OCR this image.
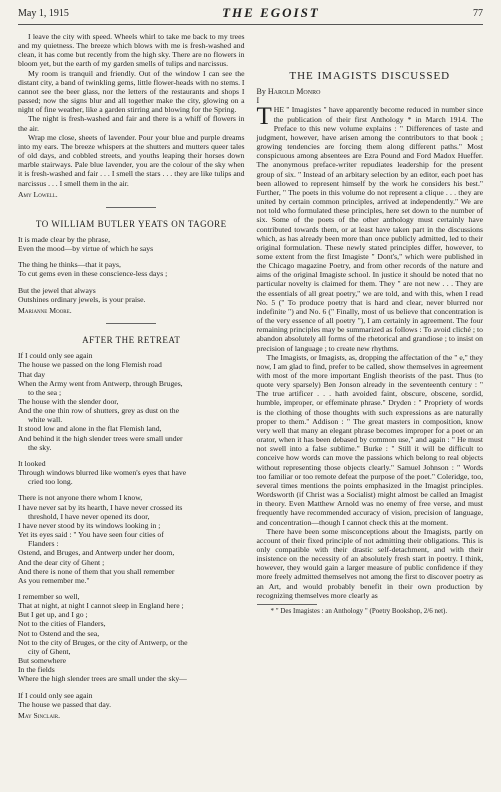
May 1, 1915	THE EGOIST	77

I leave the city with speed. Wheels whirl to take me back to my trees and my quietness. The breeze which blows with me is fresh-washed and clean, it has come but recently from the high sky. There are no flowers in bloom yet, but the earth of my garden smells of tulips and narcissus.

My room is tranquil and friendly. Out of the window I can see the distant city, a band of twinkling gems, little flower-heads with no stems. I cannot see the beer glass, nor the letters of the restaurants and shops I passed; now the signs blur and all together make the city, glowing on a night of fine weather, like a garden stirring and blowing for the Spring.

The night is fresh-washed and fair and there is a whiff of flowers in the air.

Wrap me close, sheets of lavender. Pour your blue and purple dreams into my ears. The breeze whispers at the shutters and mutters queer tales of old days, and cobbled streets, and youths leaping their horses down marble stairways. Pale blue lavender, you are the colour of the sky when it is fresh-washed and fair . . . I smell the stars . . . they are like tulips and narcissus . . . I smell them in the air.

Amy Lowell.

TO WILLIAM BUTLER YEATS ON TAGORE

It is made clear by the phrase,

Even the mood—by virtue of which he says

The thing he thinks—that it pays,

To cut gems even in these conscience-less days ;

But the jewel that always

Outshines ordinary jewels, is your praise.

Marianne Moore.

AFTER THE RETREAT

If I could only see again

The house we passed on the long Flemish road

That day

When the Army went from Antwerp, through Bruges,

to the sea ;

The house with the slender door,

And the one thin row of shutters, grey as dust on the

white wall.

It stood low and alone in the flat Flemish land,

And behind it the high slender trees were small under

the sky.

It looked

Through windows blurred like women's eyes that have

cried too long.

There is not anyone there whom I know,

I have never sat by its hearth, I have never crossed its

threshold, I have never opened its door,

I have never stood by its windows looking in ;

Yet its eyes said : " You have seen four cities of

Flanders :

Ostend, and Bruges, and Antwerp under her doom,

And the dear city of Ghent ;

And there is none of them that you shall remember

As you remember me."

I remember so well,

That at night, at night I cannot sleep in England here ;

But I get up, and I go ;

Not to the cities of Flanders,

Not to Ostend and the sea,

Not to the city of Bruges, or the city of Antwerp, or the

city of Ghent,

But somewhere

In the fields

Where the high slender trees are small under the sky—

If I could only see again

The house we passed that day.

May Sinclair.

THE IMAGISTS DISCUSSED

By Harold Monro

I

THE " Imagistes " have apparently become reduced in number since the publication of their first Anthology * in March 1914. The Preface to this new volume explains : " Differences of taste and judgment, however, have arisen among the contributors to that book ; growing tendencies are forcing them along different paths." Most conspicuous among absentees are Ezra Pound and Ford Madox Hueffer. The anonymous preface-writer repudiates leadership for the present group of six. " Instead of an arbitary selection by an editor, each poet has been allowed to represent himself by the work he considers his best." Further, " The poets in this volume do not represent a clique . . . they are united by certain common principles, arrived at independently." We are not told who formulated these principles, here set down to the number of six. Some of the poets of the other anthology must certainly have contributed towards them, or at least have taken part in the discussions which, as has already been more than once publicly admitted, led to their original formulation. These newly stated principles differ, however, to some extent from the first Imagiste " Dont's," which were published in the Chicago magazine Poetry, and from other records of the nature and aims of the original Imagiste school. In justice it should be noted that no particular novelty is claimed for them. They " are not new . . . They are the essentials of all great poetry," we are told, and with this, when I read No. 5 (" To produce poetry that is hard and clear, never blurred nor indefinite ") and No. 6 (" Finally, most of us believe that concentration is of the very essence of all poetry "), I am certainly in agreement. The four remaining principles may be summarized as follows : To avoid cliché ; to abandon absolutely all forms of the rhetorical and grandiose ; to insist on precision of language ; to create new rhythms.

The Imagists, or Imagists, as, dropping the affectation of the " e," they now, I am glad to find, prefer to be called, show themselves in agreement with most of the more important English theorists of the past. Thus (to quote very sparsely) Ben Jonson already in the seventeenth century : " The true artificer . . . hath avoided faint, obscure, obscene, sordid, humble, improper, or effeminate phrase." Dryden : " Propriety of words is the clothing of those thoughts with such expressions as are naturally proper to them." Addison : " The great masters in composition, know very well that many an elegant phrase becomes improper for a poet or an orator, when it has been debased by common use," and again : " He must not swell into a false sublime." Burke : " Still it will be difficult to conceive how words can move the passions which belong to real objects without representing those objects clearly." Samuel Johnson : " Words too familiar or too remote defeat the purpose of the poet." Coleridge, too, several times mentions the points emphasized in the Imagist principles. Wordsworth (if Christ was a Socialist) might almost be called an Imagist in theory. Even Matthew Arnold was no enemy of free verse, and must frequently have recommended accuracy of vision, precision of language, and concentration—though I cannot check this at the moment.

There have been some misconceptions about the Imagists, partly on account of their fixed principle of not admitting their obligations. This is only compatible with their drastic self-detachment, and with their insistence on the necessity of an absolutely fresh start in poetry. I think, however, they would gain a larger measure of public confidence if they more freely admitted themselves not among the first to discover poetry as an Art, and would probably benefit in their own production by recognizing themselves more clearly as

* " Des Imagistes : an Anthology " (Poetry Bookshop, 2/6 net).
